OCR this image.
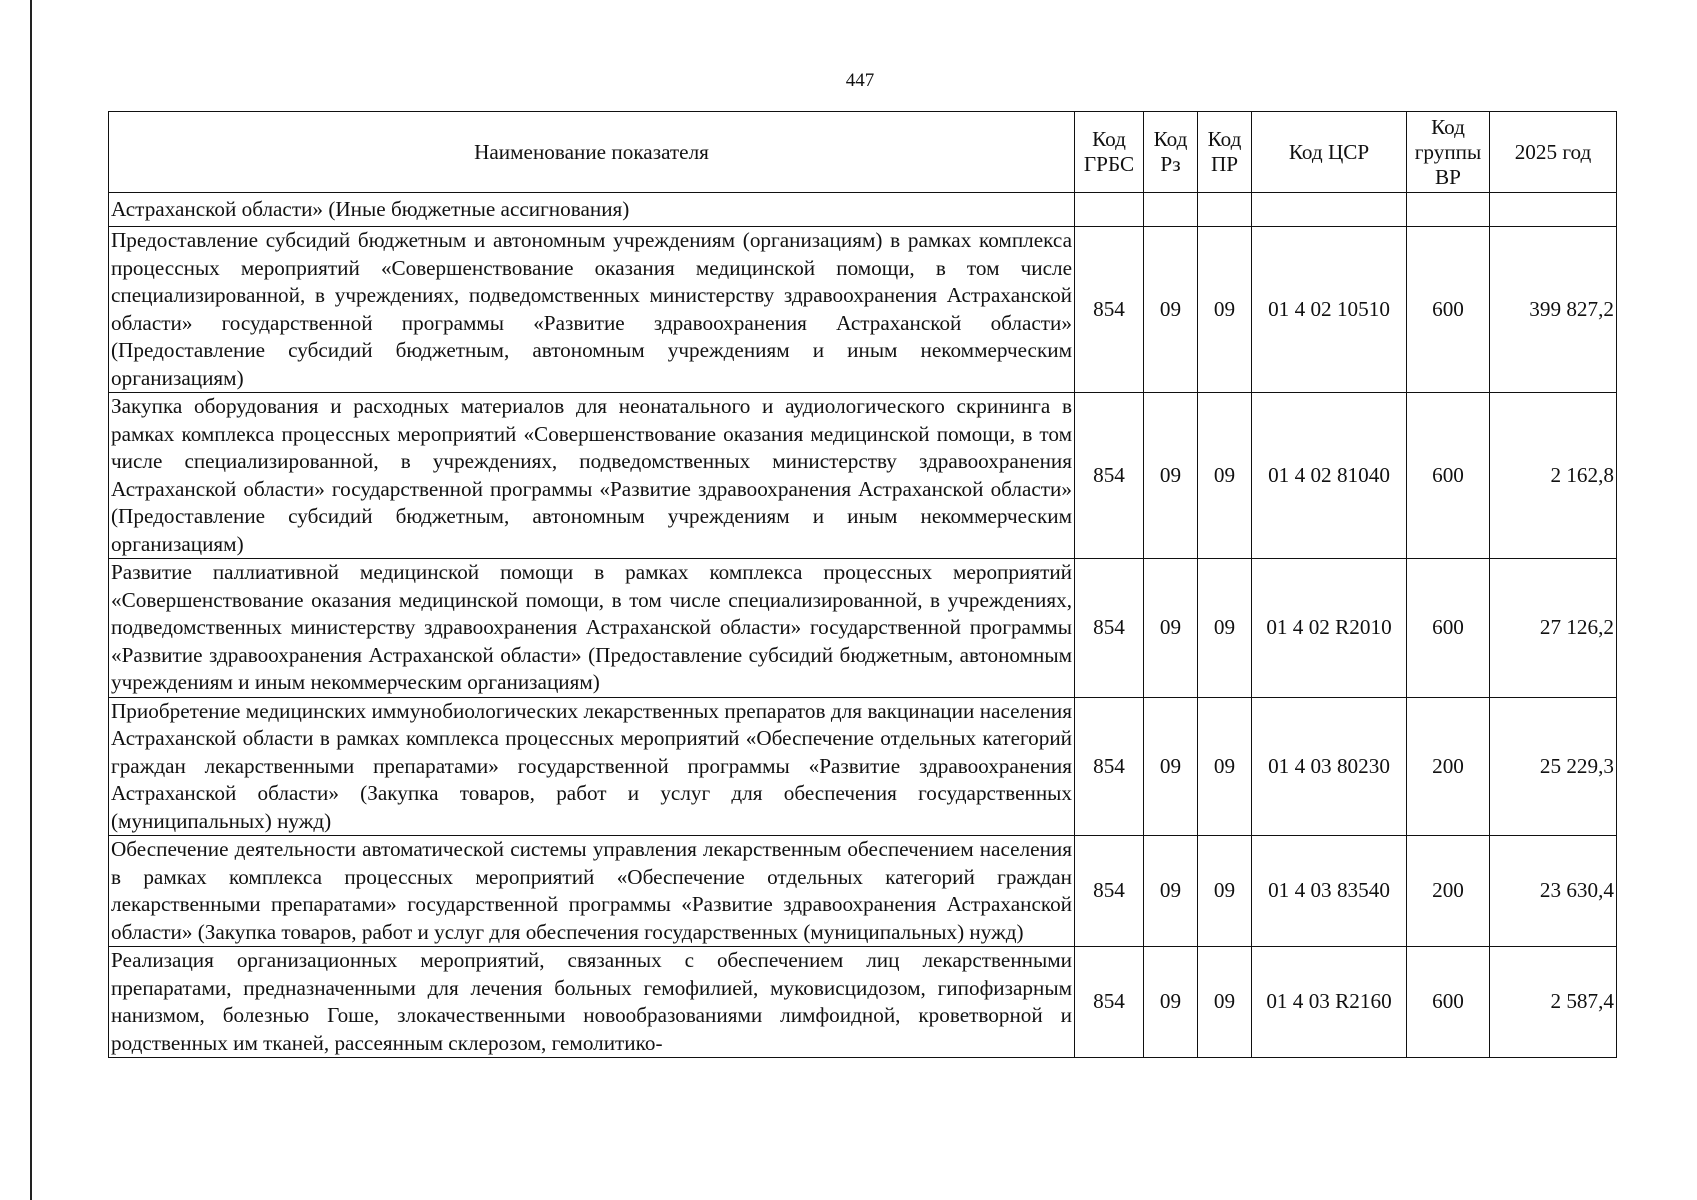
447
Наименование показателя	Код ГРБС	Код Рз	Код ПР	Код ЦСР	Код группы ВР	2025 год
Астраханской области» (Иные бюджетные ассигнования)						
Предоставление субсидий бюджетным и автономным учреждениям (организациям) в рамках комплекса процессных мероприятий «Совершенствование оказания медицинской помощи, в том числе специализированной, в учреждениях, подведомственных министерству здравоохранения Астраханской области» государственной программы «Развитие здравоохранения Астраханской области» (Предоставление субсидий бюджетным, автономным учреждениям и иным некоммерческим организациям)	854	09	09	01 4 02 10510	600	399 827,2
Закупка оборудования и расходных материалов для неонатального и аудиологического скрининга в рамках комплекса процессных мероприятий «Совершенствование оказания медицинской помощи, в том числе специализированной, в учреждениях, подведомственных министерству здравоохранения Астраханской области» государственной программы «Развитие здравоохранения Астраханской области» (Предоставление субсидий бюджетным, автономным учреждениям и иным некоммерческим организациям)	854	09	09	01 4 02 81040	600	2 162,8
Развитие паллиативной медицинской помощи в рамках комплекса процессных мероприятий «Совершенствование оказания медицинской помощи, в том числе специализированной, в учреждениях, подведомственных министерству здравоохранения Астраханской области» государственной программы «Развитие здравоохранения Астраханской области» (Предоставление субсидий бюджетным, автономным учреждениям и иным некоммерческим организациям)	854	09	09	01 4 02 R2010	600	27 126,2
Приобретение медицинских иммунобиологических лекарственных препаратов для вакцинации населения Астраханской области в рамках комплекса процессных мероприятий «Обеспечение отдельных категорий граждан лекарственными препаратами» государственной программы «Развитие здравоохранения Астраханской области» (Закупка товаров, работ и услуг для обеспечения государственных (муниципальных) нужд)	854	09	09	01 4 03 80230	200	25 229,3
Обеспечение деятельности автоматической системы управления лекарственным обеспечением населения в рамках комплекса процессных мероприятий «Обеспечение отдельных категорий граждан лекарственными препаратами» государственной программы «Развитие здравоохранения Астраханской области» (Закупка товаров, работ и услуг для обеспечения государственных (муниципальных) нужд)	854	09	09	01 4 03 83540	200	23 630,4
Реализация организационных мероприятий, связанных с обеспечением лиц лекарственными препаратами, предназначенными для лечения больных гемофилией, муковисцидозом, гипофизарным нанизмом, болезнью Гоше, злокачественными новообразованиями лимфоидной, кроветворной и родственных им тканей, рассеянным склерозом, гемолитико-	854	09	09	01 4 03 R2160	600	2 587,4
